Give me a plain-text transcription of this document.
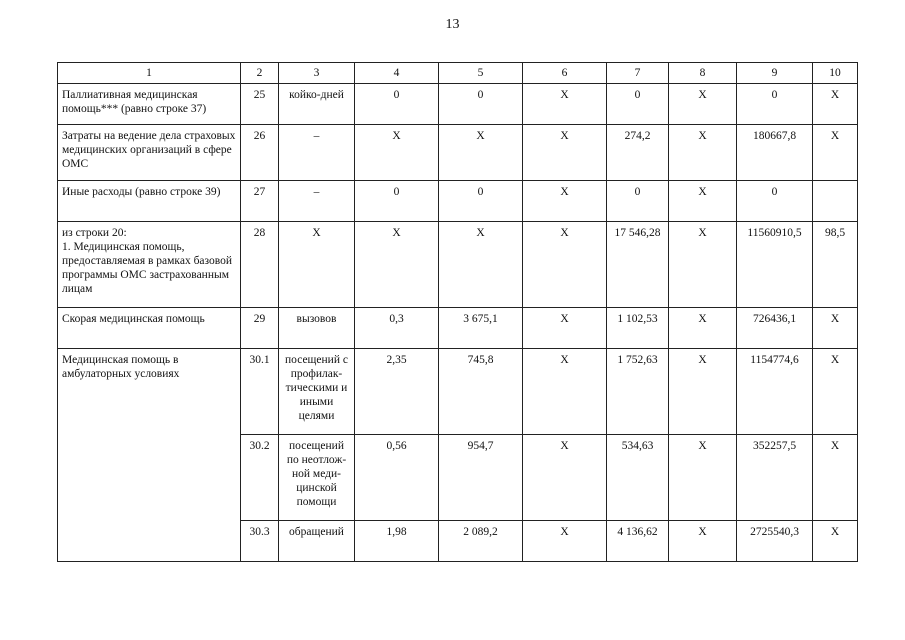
13
1	2	3	4	5	6	7	8	9	10
Паллиативная медицинская помощь*** (равно строке 37)	25	койко-дней	0	0	X	0	X	0	X
Затраты на ведение дела страховых медицинских организаций в сфере ОМС	26	–	X	X	X	274,2	X	180667,8	X
Иные расходы (равно строке 39)	27	–	0	0	X	0	X	0	
из строки 20:
1. Медицинская помощь, предоставляемая в рамках базовой программы ОМС застрахованным лицам	28	X	X	X	X	17 546,28	X	11560910,5	98,5
Скорая медицинская помощь	29	вызовов	0,3	3 675,1	X	1 102,53	X	726436,1	X
Медицинская помощь в амбулаторных условиях	30.1	посещений с профилак-тическими и иными целями	2,35	745,8	X	1 752,63	X	1154774,6	X
	30.2	посещений по неотлож-ной меди-цинской помощи	0,56	954,7	X	534,63	X	352257,5	X
	30.3	обращений	1,98	2 089,2	X	4 136,62	X	2725540,3	X
